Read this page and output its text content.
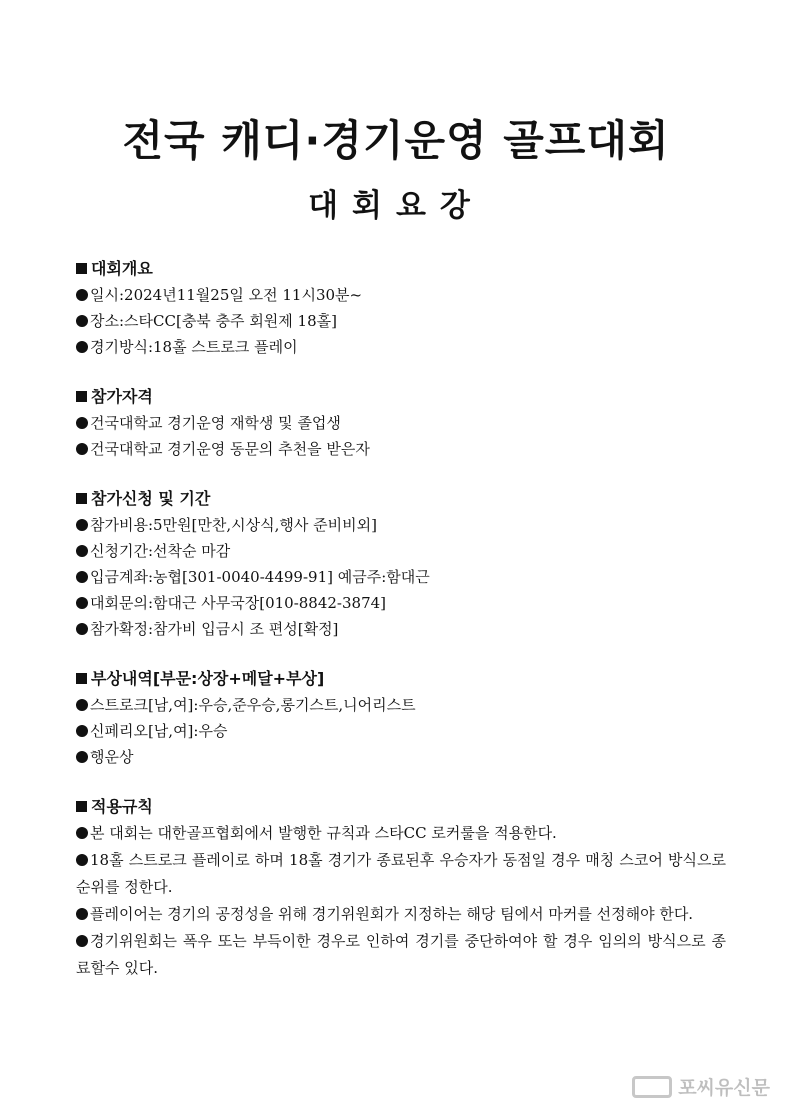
전국 캐디·경기운영 골프대회
대회요강

대회개요

일시:2024년11월25일 오전 11시30분~

장소:스타CC[충북 충주 회원제 18홀]

경기방식:18홀 스트로크 플레이

참가자격

건국대학교 경기운영 재학생 및 졸업생

건국대학교 경기운영 동문의 추천을 받은자

참가신청 및 기간

참가비용:5만원[만찬,시상식,행사 준비비외]

신청기간:선착순 마감

입금계좌:농협[301-0040-4499-91] 예금주:함대근

대회문의:함대근 사무국장[010-8842-3874]

참가확정:참가비 입금시 조 편성[확정]

부상내역[부문:상장+메달+부상]

스트로크[남,여]:우승,준우승,롱기스트,니어리스트

신페리오[남,여]:우승

행운상

적용규칙

본 대회는 대한골프협회에서 발행한 규칙과 스타CC 로커룰을 적용한다.

18홀 스트로크 플레이로 하며 18홀 경기가 종료된후 우승자가 동점일 경우 매칭 스코어 방식으로 순위를 정한다.

플레이어는 경기의 공정성을 위해 경기위원회가 지정하는 해당 팀에서 마커를 선정해야 한다.

경기위원회는 폭우 또는 부득이한 경우로 인하여 경기를 중단하여야 할 경우 임의의 방식으로 종료할수 있다.

포씨유신문
